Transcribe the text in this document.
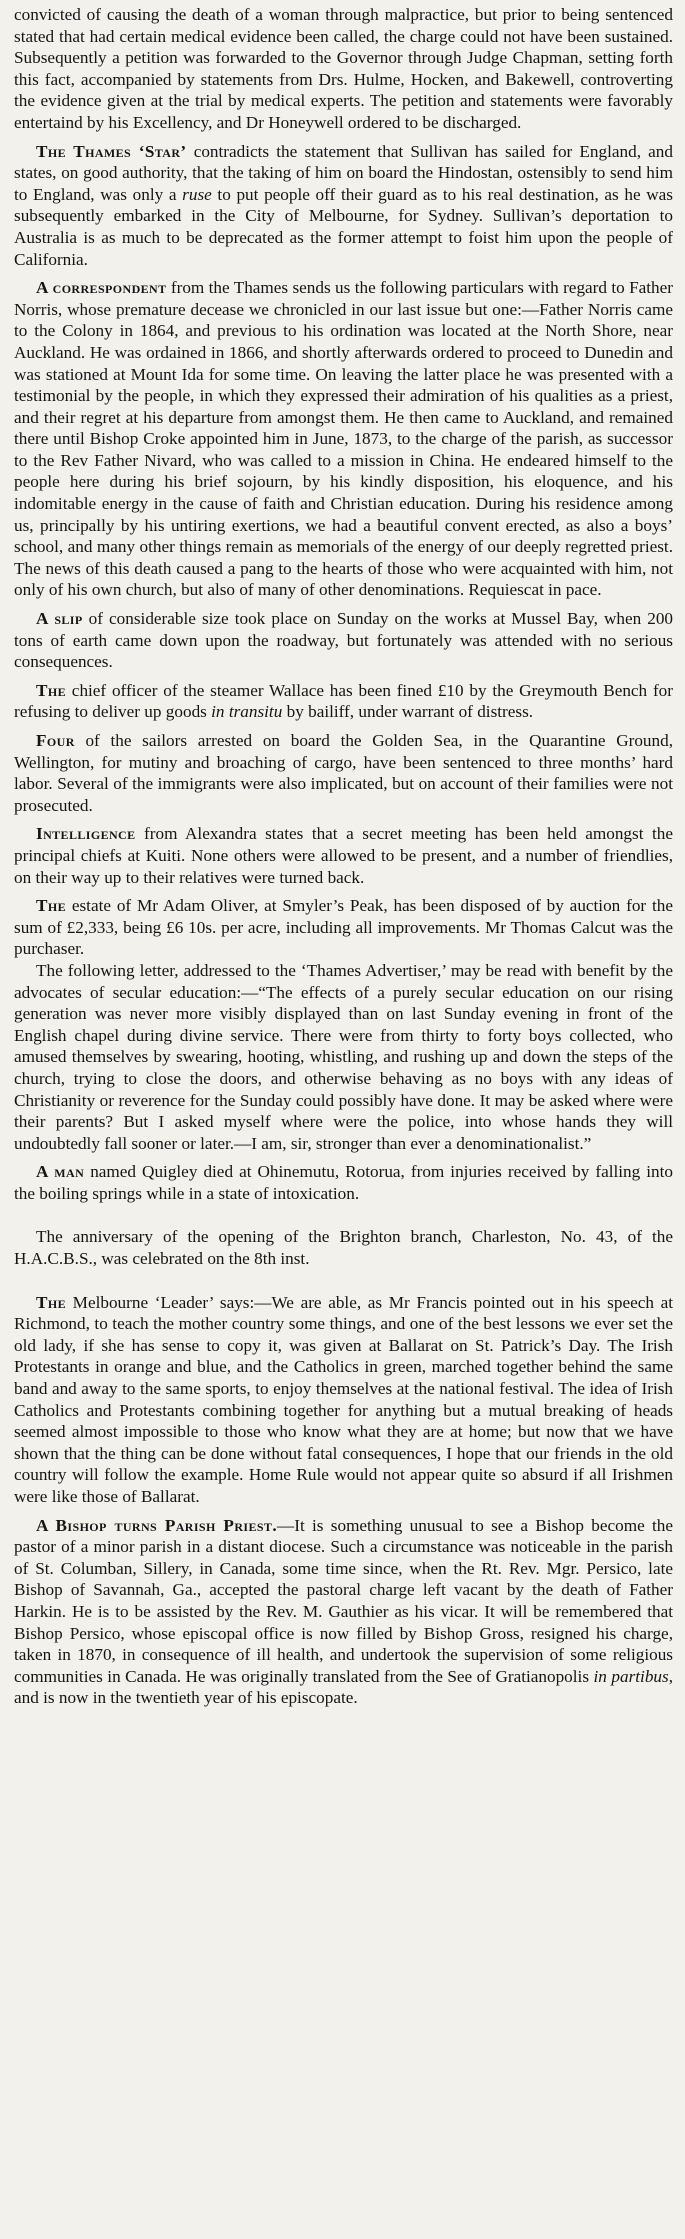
convicted of causing the death of a woman through malpractice, but prior to being sentenced stated that had certain medical evidence been called, the charge could not have been sustained. Subsequently a petition was forwarded to the Governor through Judge Chapman, setting forth this fact, accompanied by statements from Drs. Hulme, Hocken, and Bakewell, controverting the evidence given at the trial by medical experts. The petition and statements were favorably entertaind by his Excellency, and Dr Honeywell ordered to be discharged.

The Thames ‘Star’ contradicts the statement that Sullivan has sailed for England, and states, on good authority, that the taking of him on board the Hindostan, ostensibly to send him to England, was only a ruse to put people off their guard as to his real destination, as he was subsequently embarked in the City of Melbourne, for Sydney. Sullivan’s deportation to Australia is as much to be deprecated as the former attempt to foist him upon the people of California.

A correspondent from the Thames sends us the following particulars with regard to Father Norris, whose premature decease we chronicled in our last issue but one:—Father Norris came to the Colony in 1864, and previous to his ordination was located at the North Shore, near Auckland. He was ordained in 1866, and shortly afterwards ordered to proceed to Dunedin and was stationed at Mount Ida for some time. On leaving the latter place he was presented with a testimonial by the people, in which they expressed their admiration of his qualities as a priest, and their regret at his departure from amongst them. He then came to Auckland, and remained there until Bishop Croke appointed him in June, 1873, to the charge of the parish, as successor to the Rev Father Nivard, who was called to a mission in China. He endeared himself to the people here during his brief sojourn, by his kindly disposition, his eloquence, and his indomitable energy in the cause of faith and Christian education. During his residence among us, principally by his untiring exertions, we had a beautiful convent erected, as also a boys’ school, and many other things remain as memorials of the energy of our deeply regretted priest. The news of this death caused a pang to the hearts of those who were acquainted with him, not only of his own church, but also of many of other denominations. Requiescat in pace.

A slip of considerable size took place on Sunday on the works at Mussel Bay, when 200 tons of earth came down upon the roadway, but fortunately was attended with no serious consequences.

The chief officer of the steamer Wallace has been fined £10 by the Greymouth Bench for refusing to deliver up goods in transitu by bailiff, under warrant of distress.

Four of the sailors arrested on board the Golden Sea, in the Quarantine Ground, Wellington, for mutiny and broaching of cargo, have been sentenced to three months’ hard labor. Several of the immigrants were also implicated, but on account of their families were not prosecuted.

Intelligence from Alexandra states that a secret meeting has been held amongst the principal chiefs at Kuiti. None others were allowed to be present, and a number of friendlies, on their way up to their relatives were turned back.

The estate of Mr Adam Oliver, at Smyler’s Peak, has been disposed of by auction for the sum of £2,333, being £6 10s. per acre, including all improvements. Mr Thomas Calcut was the purchaser.

The following letter, addressed to the ‘Thames Advertiser,’ may be read with benefit by the advocates of secular education:—“The effects of a purely secular education on our rising generation was never more visibly displayed than on last Sunday evening in front of the English chapel during divine service. There were from thirty to forty boys collected, who amused themselves by swearing, hooting, whistling, and rushing up and down the steps of the church, trying to close the doors, and otherwise behaving as no boys with any ideas of Christianity or reverence for the Sunday could possibly have done. It may be asked where were their parents? But I asked myself where were the police, into whose hands they will undoubtedly fall sooner or later.—I am, sir, stronger than ever a denominationalist.”

A man named Quigley died at Ohinemutu, Rotorua, from injuries received by falling into the boiling springs while in a state of intoxication.

The anniversary of the opening of the Brighton branch, Charleston, No. 43, of the H.A.C.B.S., was celebrated on the 8th inst.

The Melbourne ‘Leader’ says:—We are able, as Mr Francis pointed out in his speech at Richmond, to teach the mother country some things, and one of the best lessons we ever set the old lady, if she has sense to copy it, was given at Ballarat on St. Patrick’s Day. The Irish Protestants in orange and blue, and the Catholics in green, marched together behind the same band and away to the same sports, to enjoy themselves at the national festival. The idea of Irish Catholics and Protestants combining together for anything but a mutual breaking of heads seemed almost impossible to those who know what they are at home; but now that we have shown that the thing can be done without fatal consequences, I hope that our friends in the old country will follow the example. Home Rule would not appear quite so absurd if all Irishmen were like those of Ballarat.

A Bishop turns Parish Priest.—It is something unusual to see a Bishop become the pastor of a minor parish in a distant diocese. Such a circumstance was noticeable in the parish of St. Columban, Sillery, in Canada, some time since, when the Rt. Rev. Mgr. Persico, late Bishop of Savannah, Ga., accepted the pastoral charge left vacant by the death of Father Harkin. He is to be assisted by the Rev. M. Gauthier as his vicar. It will be remembered that Bishop Persico, whose episcopal office is now filled by Bishop Gross, resigned his charge, taken in 1870, in consequence of ill health, and undertook the supervision of some religious communities in Canada. He was originally translated from the See of Gratianopolis in partibus, and is now in the twentieth year of his episcopate.
